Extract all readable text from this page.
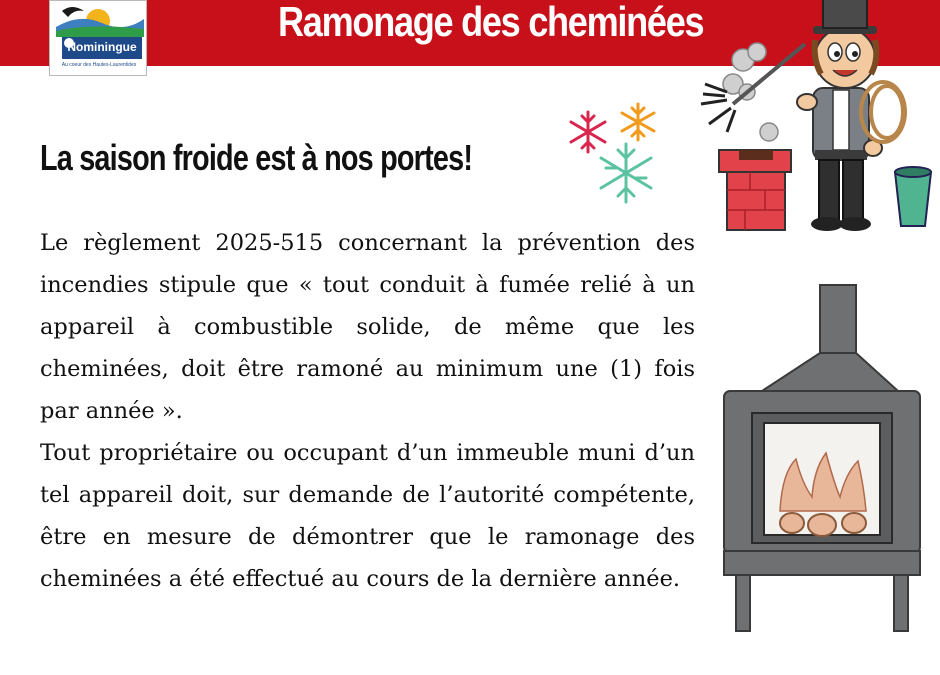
Ramonage des cheminées
Nominingue
Au coeur des Hautes-Laurentides
La saison froide est à nos portes!

Le règlement 2025-515 concernant la prévention des incendies stipule que « tout conduit à fumée relié à un appareil à combustible solide, de même que les cheminées, doit être ramoné au minimum une (1) fois par année ».

Tout propriétaire ou occupant d’un immeuble muni d’un tel appareil doit, sur demande de l’autorité compétente, être en mesure de démontrer que le ramonage des cheminées a été effectué au cours de la dernière année.
